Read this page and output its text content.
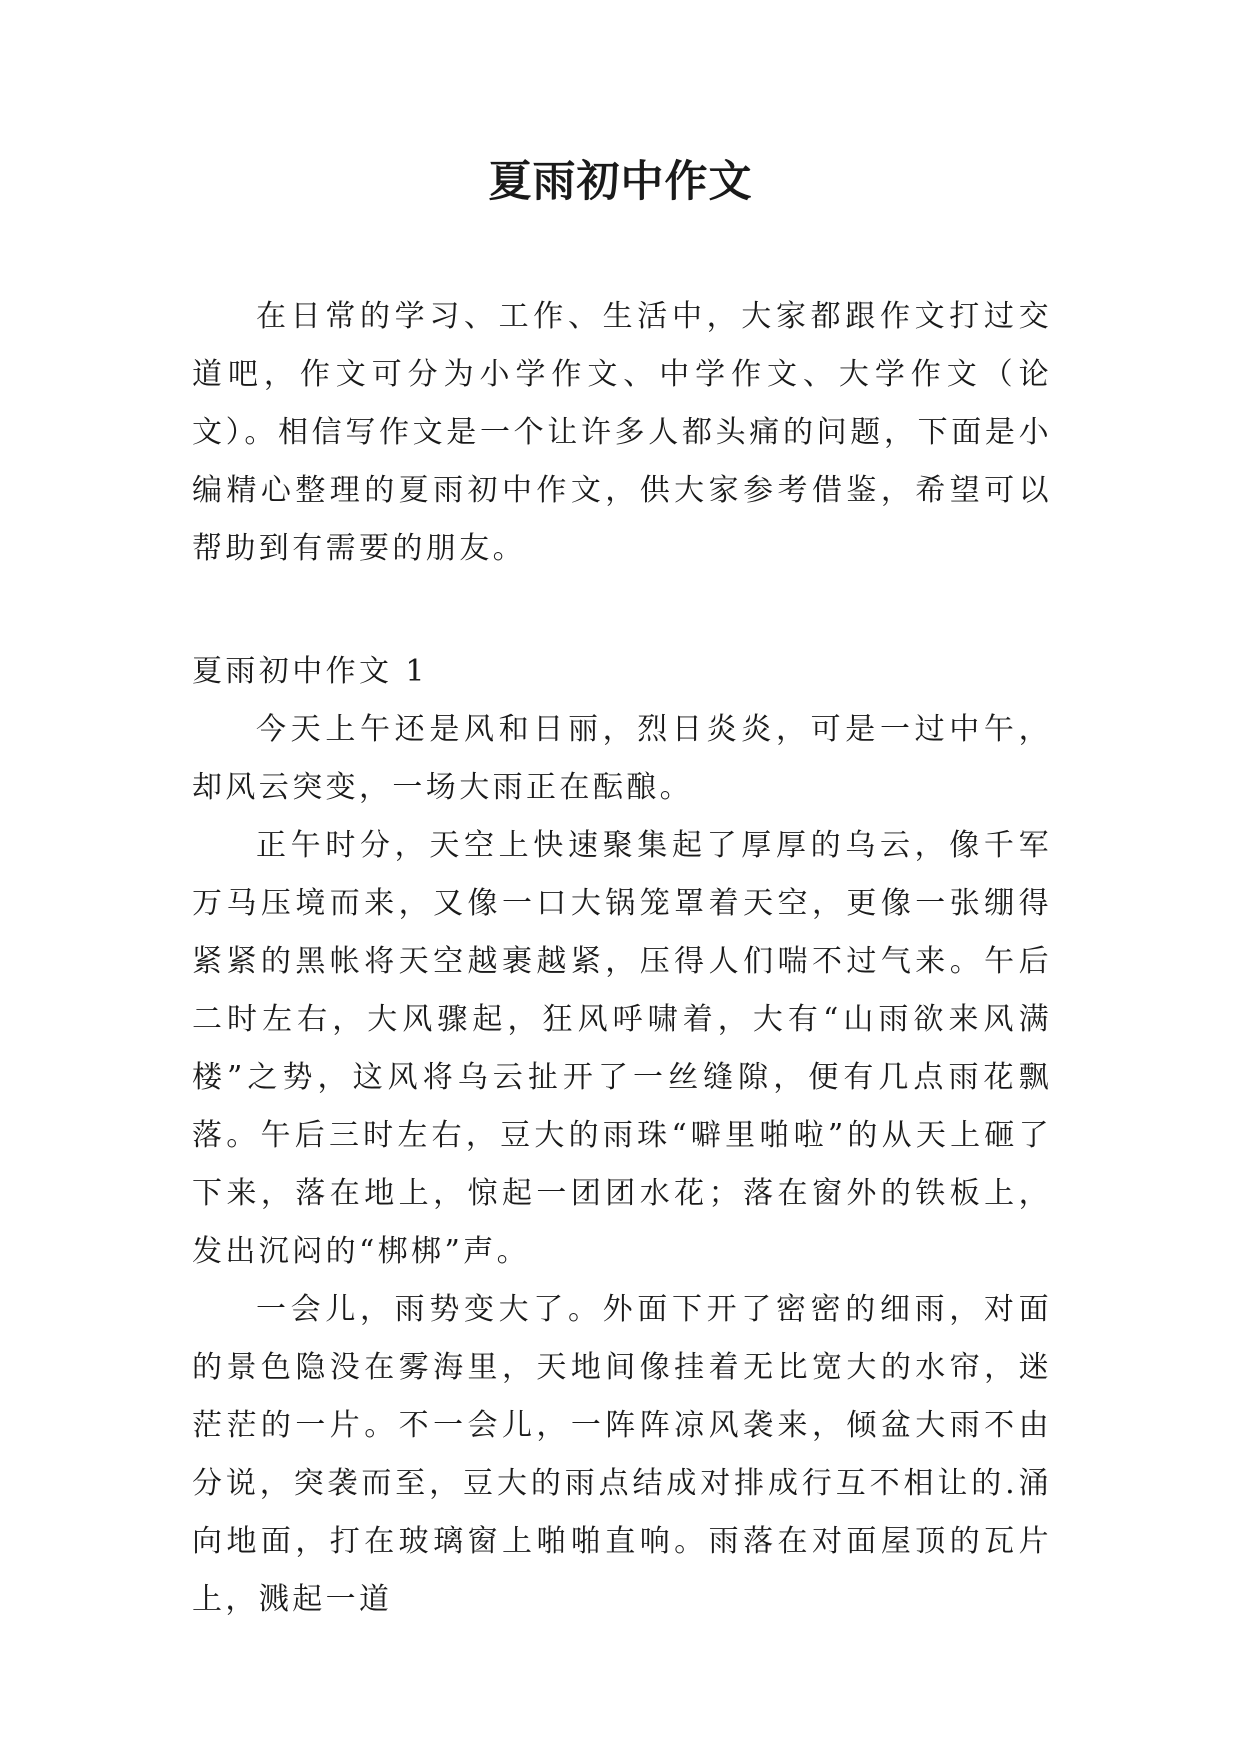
夏雨初中作文

在日常的学习、工作、生活中，大家都跟作文打过交道吧，作文可分为小学作文、中学作文、大学作文（论文）。相信写作文是一个让许多人都头痛的问题，下面是小编精心整理的夏雨初中作文，供大家参考借鉴，希望可以帮助到有需要的朋友。

夏雨初中作文 1

今天上午还是风和日丽，烈日炎炎，可是一过中午，却风云突变，一场大雨正在酝酿。

正午时分，天空上快速聚集起了厚厚的乌云，像千军万马压境而来，又像一口大锅笼罩着天空，更像一张绷得紧紧的黑帐将天空越裹越紧，压得人们喘不过气来。午后二时左右，大风骤起，狂风呼啸着，大有“山雨欲来风满楼”之势，这风将乌云扯开了一丝缝隙，便有几点雨花飘落。午后三时左右，豆大的雨珠“噼里啪啦”的从天上砸了下来，落在地上，惊起一团团水花；落在窗外的铁板上，发出沉闷的“梆梆”声。

一会儿，雨势变大了。外面下开了密密的细雨，对面的景色隐没在雾海里，天地间像挂着无比宽大的水帘，迷茫茫的一片。不一会儿，一阵阵凉风袭来，倾盆大雨不由分说，突袭而至，豆大的雨点结成对排成行互不相让的.涌向地面，打在玻璃窗上啪啪直响。雨落在对面屋顶的瓦片上，溅起一道
